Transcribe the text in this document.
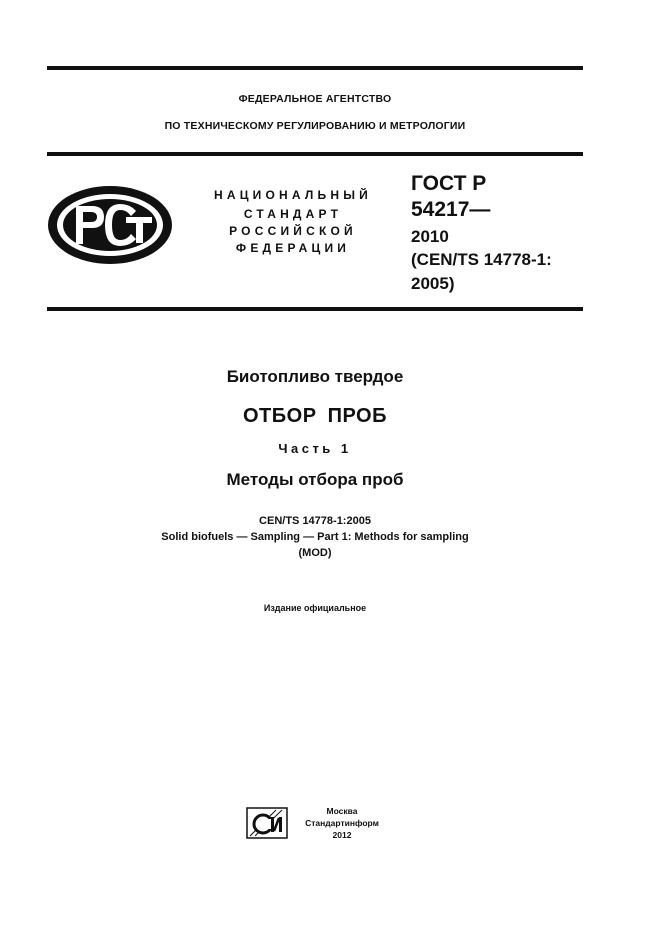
ФЕДЕРАЛЬНОЕ АГЕНТСТВО
ПО ТЕХНИЧЕСКОМУ РЕГУЛИРОВАНИЮ И МЕТРОЛОГИИ
НАЦИОНАЛЬНЫЙ
СТАНДАРТ
РОССИЙСКОЙ
ФЕДЕРАЦИИ
ГОСТ Р
54217—
2010
(CEN/TS 14778-1:
2005)
Биотопливо твердое
ОТБОР ПРОБ
Часть 1
Методы отбора проб
CEN/TS 14778-1:2005
Solid biofuels — Sampling — Part 1: Methods for sampling
(MOD)
Издание официальное
Москва
Стандартинформ
2012
